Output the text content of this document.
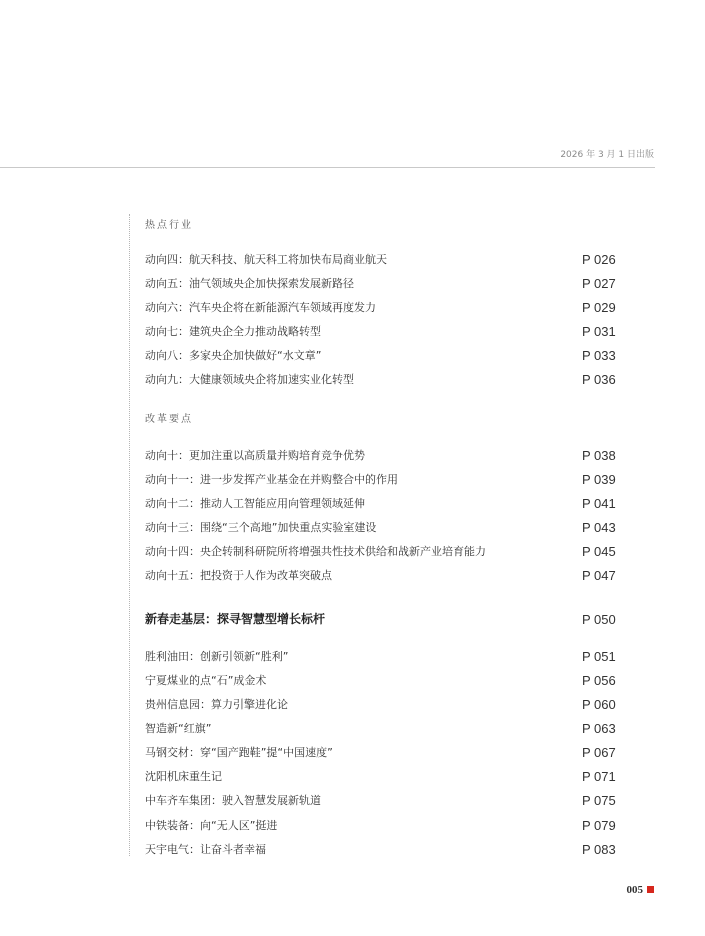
2026 年 3 月 1 日出版
热点行业
动向四：航天科技、航天科工将加快布局商业航天	P 026
动向五：油气领域央企加快探索发展新路径	P 027
动向六：汽车央企将在新能源汽车领域再度发力	P 029
动向七：建筑央企全力推动战略转型	P 031
动向八：多家央企加快做好“水文章”	P 033
动向九：大健康领域央企将加速实业化转型	P 036
改革要点
动向十：更加注重以高质量并购培育竞争优势	P 038
动向十一：进一步发挥产业基金在并购整合中的作用	P 039
动向十二：推动人工智能应用向管理领域延伸	P 041
动向十三：围绕“三个高地”加快重点实验室建设	P 043
动向十四：央企转制科研院所将增强共性技术供给和战新产业培育能力	P 045
动向十五：把投资于人作为改革突破点	P 047
新春走基层：探寻智慧型增长标杆	P 050
胜利油田：创新引领新“胜利”	P 051
宁夏煤业的点“石”成金术	P 056
贵州信息园：算力引擎进化论	P 060
智造新“红旗”	P 063
马钢交材：穿“国产跑鞋”提“中国速度”	P 067
沈阳机床重生记	P 071
中车齐车集团：驶入智慧发展新轨道	P 075
中铁装备：向“无人区”挺进	P 079
天宇电气：让奋斗者幸福	P 083
005
